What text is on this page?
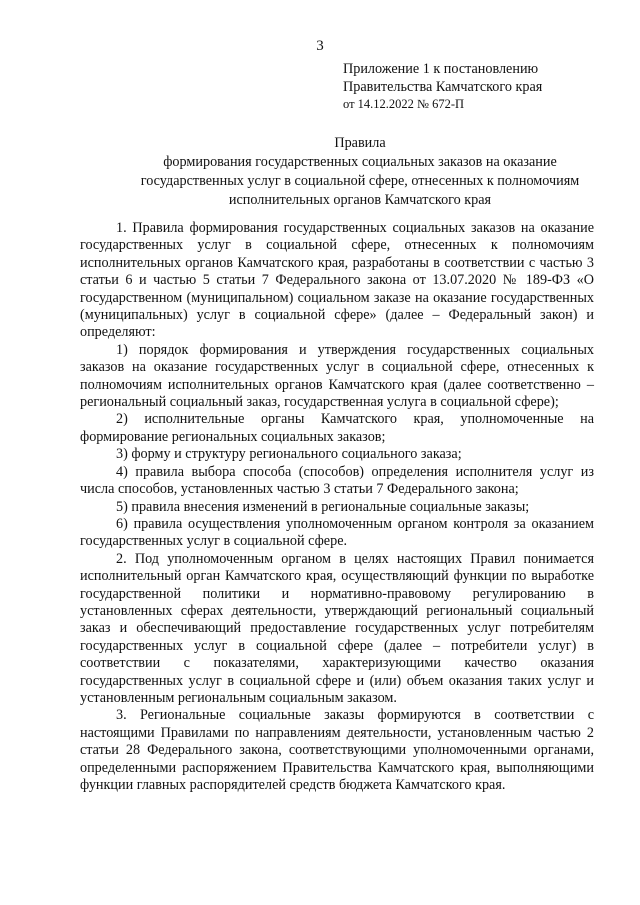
3
Приложение 1 к постановлению
Правительства Камчатского края
от 14.12.2022 № 672-П
Правила
формирования государственных социальных заказов на оказание
государственных услуг в социальной сфере, отнесенных к полномочиям
исполнительных органов Камчатского края

1. Правила формирования государственных социальных заказов на оказание государственных услуг в социальной сфере, отнесенных к полномочиям исполнительных органов Камчатского края, разработаны в соответствии с частью 3 статьи 6 и частью 5 статьи 7 Федерального закона от 13.07.2020 № 189-ФЗ «О государственном (муниципальном) социальном заказе на оказание государственных (муниципальных) услуг в социальной сфере» (далее – Федеральный закон) и определяют:

1) порядок формирования и утверждения государственных социальных заказов на оказание государственных услуг в социальной сфере, отнесенных к полномочиям исполнительных органов Камчатского края (далее соответственно – региональный социальный заказ, государственная услуга в социальной сфере);

2) исполнительные органы Камчатского края, уполномоченные на формирование региональных социальных заказов;

3) форму и структуру регионального социального заказа;

4) правила выбора способа (способов) определения исполнителя услуг из числа способов, установленных частью 3 статьи 7 Федерального закона;

5) правила внесения изменений в региональные социальные заказы;

6) правила осуществления уполномоченным органом контроля за оказанием государственных услуг в социальной сфере.

2. Под уполномоченным органом в целях настоящих Правил понимается исполнительный орган Камчатского края, осуществляющий функции по выработке государственной политики и нормативно-правовому регулированию в установленных сферах деятельности, утверждающий региональный социальный заказ и обеспечивающий предоставление государственных услуг потребителям государственных услуг в социальной сфере (далее – потребители услуг) в соответствии с показателями, характеризующими качество оказания государственных услуг в социальной сфере и (или) объем оказания таких услуг и установленным региональным социальным заказом.

3. Региональные социальные заказы формируются в соответствии с настоящими Правилами по направлениям деятельности, установленным частью 2 статьи 28 Федерального закона, соответствующими уполномоченными органами, определенными распоряжением Правительства Камчатского края, выполняющими функции главных распорядителей средств бюджета Камчатского края.
